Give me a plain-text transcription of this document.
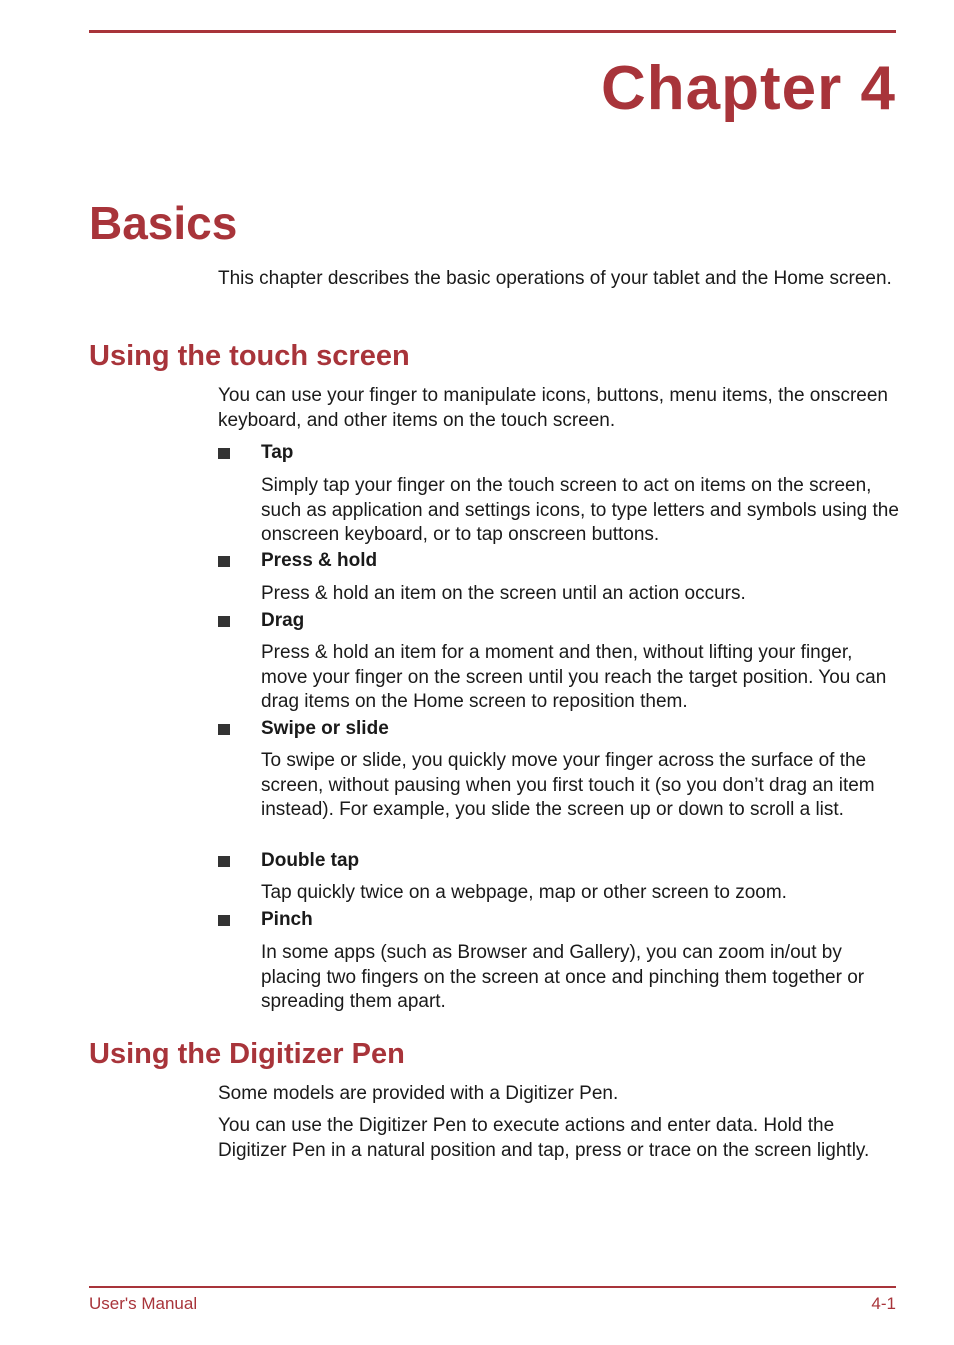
Chapter 4
Basics

This chapter describes the basic operations of your tablet and the Home screen.

Using the touch screen

You can use your finger to manipulate icons, buttons, menu items, the onscreen keyboard, and other items on the touch screen.

Tap

Simply tap your finger on the touch screen to act on items on the screen, such as application and settings icons, to type letters and symbols using the onscreen keyboard, or to tap onscreen buttons.

Press & hold

Press & hold an item on the screen until an action occurs.

Drag

Press & hold an item for a moment and then, without lifting your finger, move your finger on the screen until you reach the target position. You can drag items on the Home screen to reposition them.

Swipe or slide

To swipe or slide, you quickly move your finger across the surface of the screen, without pausing when you first touch it (so you don’t drag an item instead). For example, you slide the screen up or down to scroll a list.

Double tap

Tap quickly twice on a webpage, map or other screen to zoom.

Pinch

In some apps (such as Browser and Gallery), you can zoom in/out by placing two fingers on the screen at once and pinching them together or spreading them apart.

Using the Digitizer Pen

Some models are provided with a Digitizer Pen.

You can use the Digitizer Pen to execute actions and enter data. Hold the Digitizer Pen in a natural position and tap, press or trace on the screen lightly.

User's Manual	4-1
